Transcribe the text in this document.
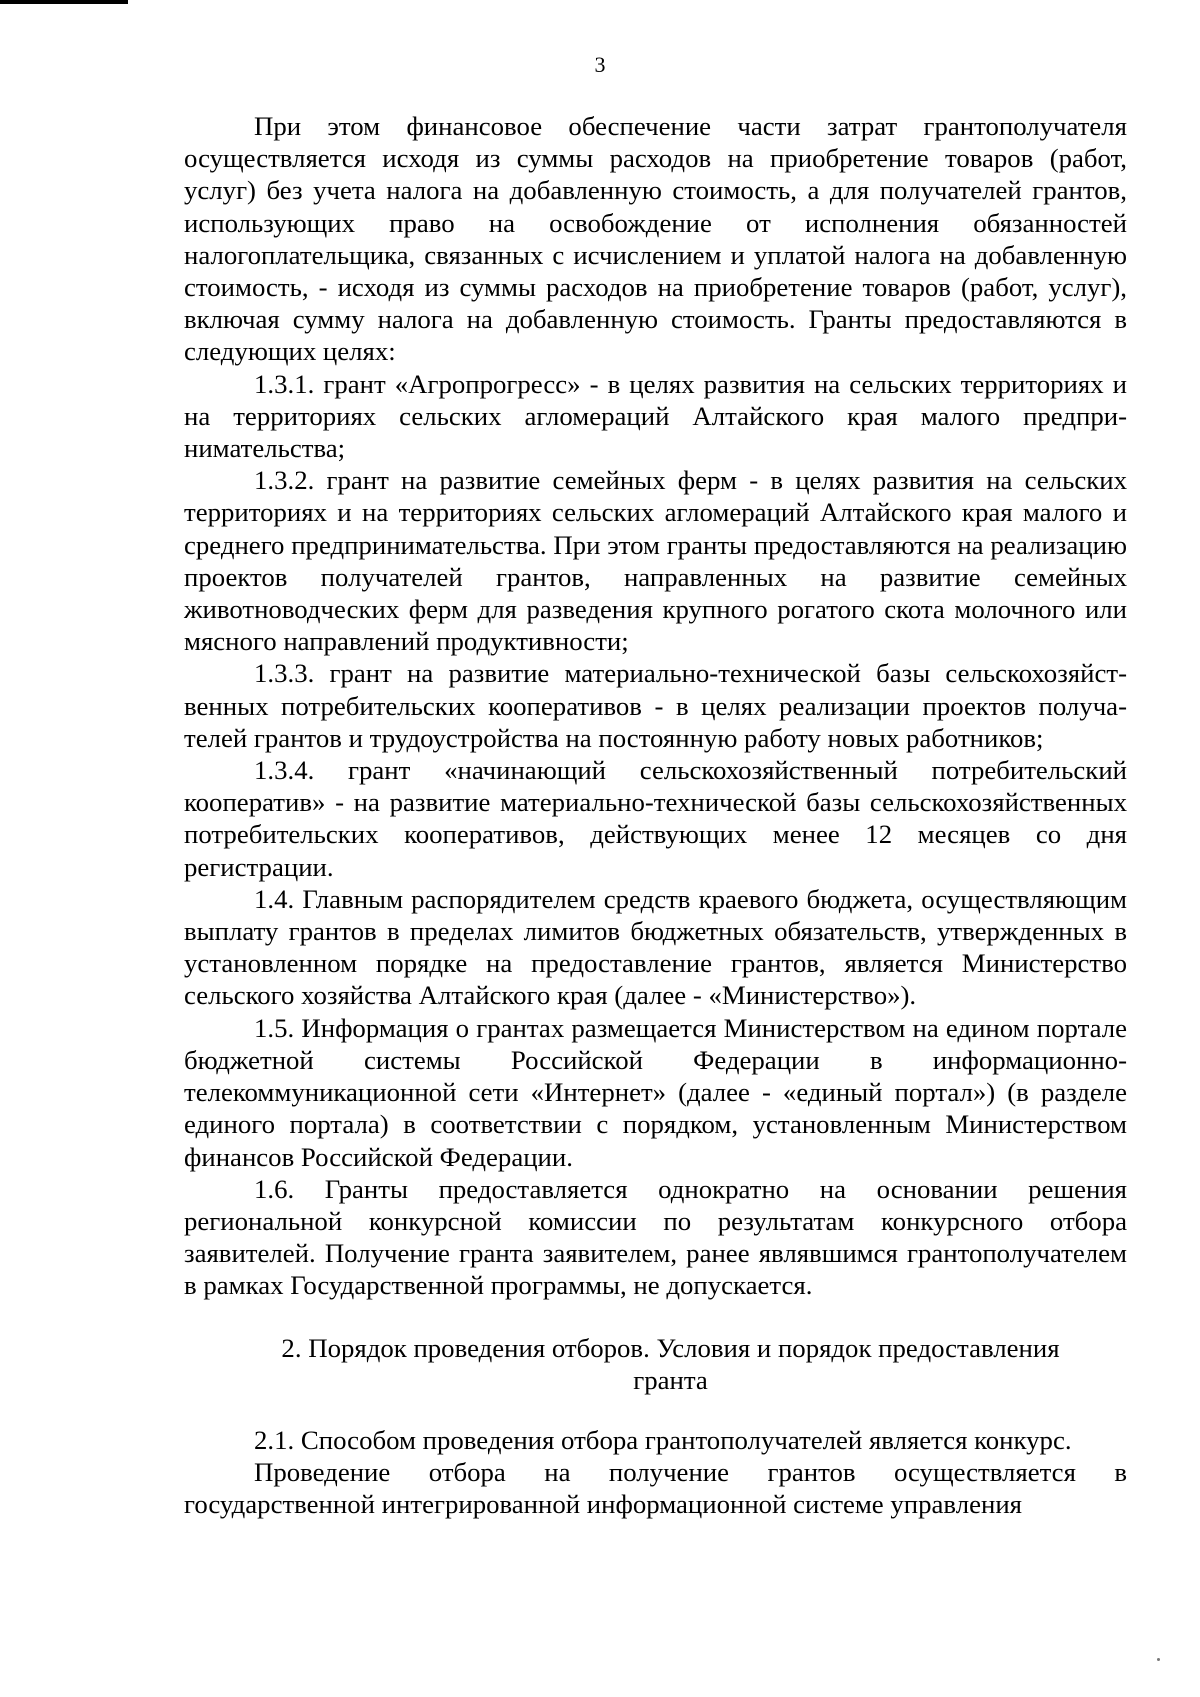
3

При этом финансовое обеспечение части затрат грантополучателя осуществляется исходя из суммы расходов на приобретение товаров (работ, услуг) без учета налога на добавленную стоимость, а для получателей грантов, использующих право на освобождение от исполнения обязанностей налогоплательщика, связанных с исчислением и уплатой налога на добавленную стоимость, - исходя из суммы расходов на приобретение товаров (работ, услуг), включая сумму налога на добавленную стоимость. Гранты предоставляются в следующих целях:

1.3.1. грант «Агропрогресс» - в целях развития на сельских территориях и на территориях сельских агломераций Алтайского края малого предпринимательства;

1.3.2. грант на развитие семейных ферм - в целях развития на сельских территориях и на территориях сельских агломераций Алтайского края малого и среднего предпринимательства. При этом гранты предоставляются на реализацию проектов получателей грантов, направленных на развитие семейных животноводческих ферм для разведения крупного рогатого скота молочного или мясного направлений продуктивности;

1.3.3. грант на развитие материально-технической базы сельскохозяйственных потребительских кооперативов - в целях реализации проектов получателей грантов и трудоустройства на постоянную работу новых работников;

1.3.4. грант «начинающий сельскохозяйственный потребительский кооператив» - на развитие материально-технической базы сельскохозяйственных потребительских кооперативов, действующих менее 12 месяцев со дня регистрации.

1.4. Главным распорядителем средств краевого бюджета, осуществляющим выплату грантов в пределах лимитов бюджетных обязательств, утвержденных в установленном порядке на предоставление грантов, является Министерство сельского хозяйства Алтайского края (далее - «Министерство»).

1.5. Информация о грантах размещается Министерством на едином портале бюджетной системы Российской Федерации в информационно-телекоммуникационной сети «Интернет» (далее - «единый портал») (в разделе единого портала) в соответствии с порядком, установленным Министерством финансов Российской Федерации.

1.6. Гранты предоставляется однократно на основании решения региональной конкурсной комиссии по результатам конкурсного отбора заявителей. Получение гранта заявителем, ранее являвшимся грантополучателем в рамках Государственной программы, не допускается.

2. Порядок проведения отборов. Условия и порядок предоставления гранта

2.1. Способом проведения отбора грантополучателей является конкурс.

Проведение отбора на получение грантов осуществляется в государственной интегрированной информационной системе управления
